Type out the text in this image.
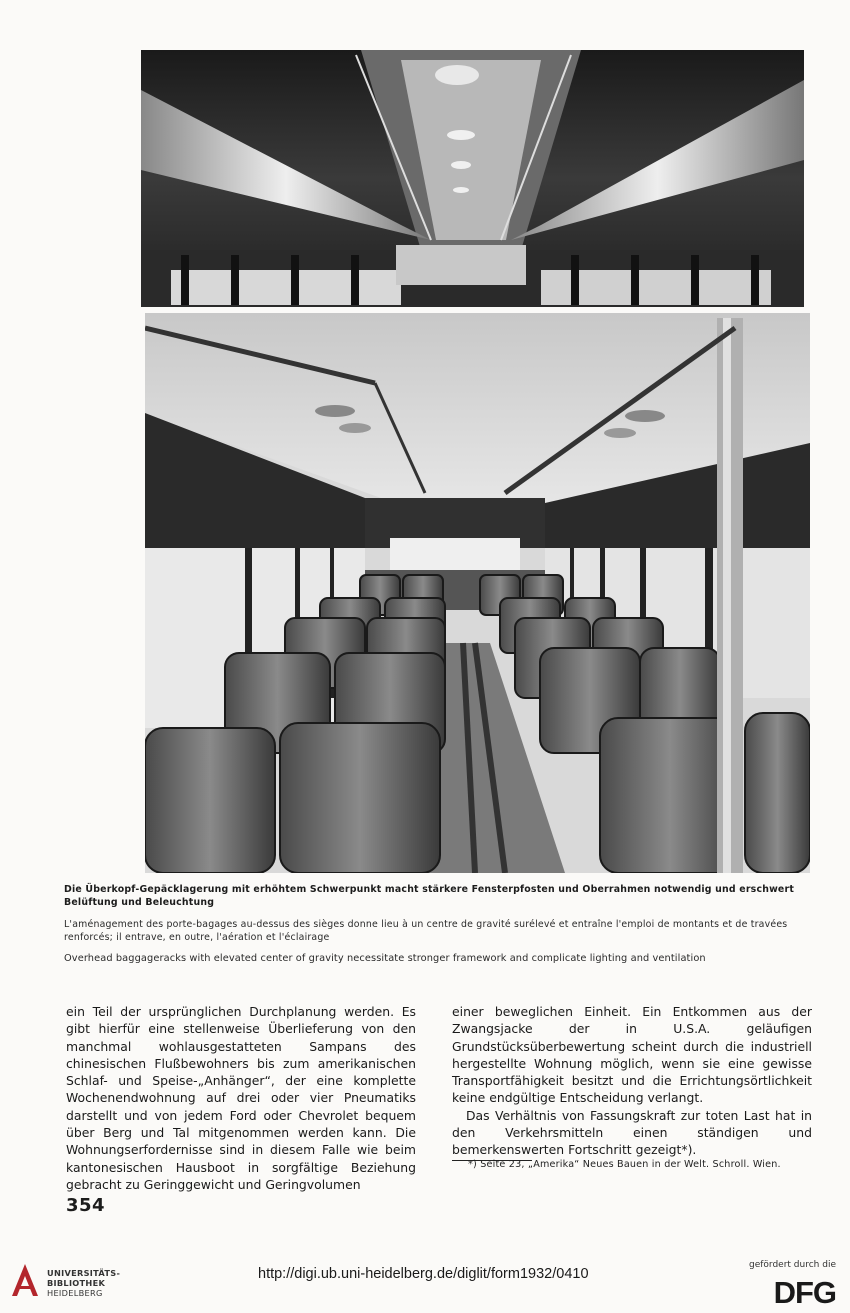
Die Überkopf-Gepäcklagerung mit erhöhtem Schwerpunkt macht stärkere Fensterpfosten und Oberrahmen notwendig und erschwert Belüftung und Beleuchtung
L'aménagement des porte-bagages au-dessus des sièges donne lieu à un centre de gravité surélevé et entraîne l'emploi de montants et de travées renforcés; il entrave, en outre, l'aération et l'éclairage
Overhead baggageracks with elevated center of gravity necessitate stronger framework and complicate lighting and ventilation

ein Teil der ursprünglichen Durchplanung werden. Es gibt hierfür eine stellenweise Überlieferung von den manchmal wohlausgestatteten Sampans des chinesischen Flußbewohners bis zum amerikanischen Schlaf- und Speise-„Anhänger“, der eine komplette Wochenendwohnung auf drei oder vier Pneumatiks darstellt und von jedem Ford oder Chevrolet bequem über Berg und Tal mitgenommen werden kann. Die Wohnungserfordernisse sind in diesem Falle wie beim kantonesischen Hausboot in sorgfältige Beziehung gebracht zu Geringgewicht und Geringvolumen

einer beweglichen Einheit. Ein Entkommen aus der Zwangsjacke der in U.S.A. geläufigen Grundstücksüberbewertung scheint durch die industriell hergestellte Wohnung möglich, wenn sie eine gewisse Transportfähigkeit besitzt und die Errichtungsörtlichkeit keine endgültige Entscheidung verlangt.

Das Verhältnis von Fassungskraft zur toten Last hat in den Verkehrsmitteln einen ständigen und bemerkenswerten Fortschritt gezeigt*).

*) Seite 23, „Amerika“ Neues Bauen in der Welt. Schroll. Wien.
354
UNIVERSITÄTS-
BIBLIOTHEK
HEIDELBERG
http://digi.ub.uni-heidelberg.de/diglit/form1932/0410
gefördert durch die
DFG
